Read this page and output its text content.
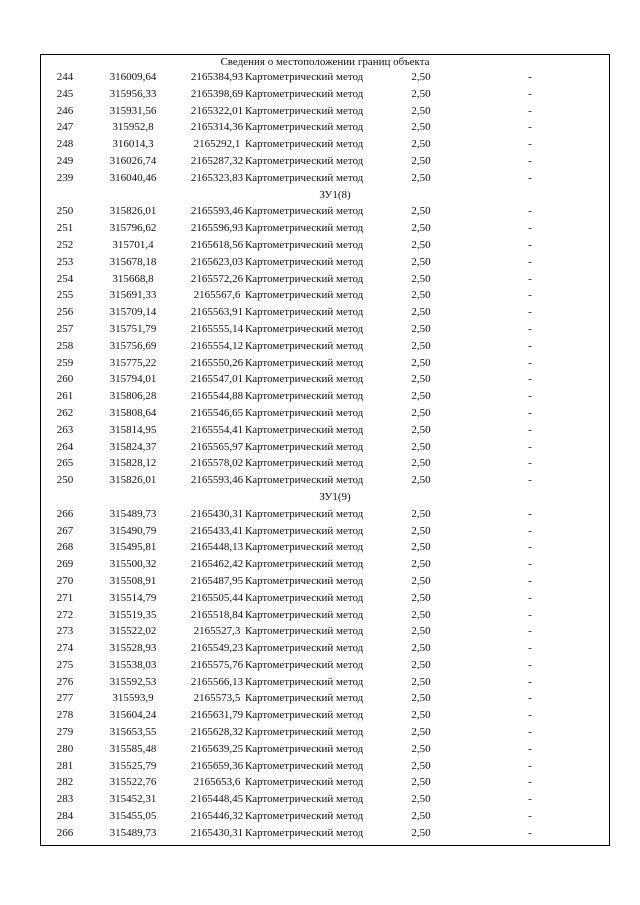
Сведения о местоположении границ объекта
244	316009,64	2165384,93 Картометрический метод	2,50	-
245	315956,33	2165398,69 Картометрический метод	2,50	-
246	315931,56	2165322,01 Картометрический метод	2,50	-
247	315952,8	2165314,36 Картометрический метод	2,50	-
248	316014,3	2165292,1 Картометрический метод	2,50	-
249	316026,74	2165287,32 Картометрический метод	2,50	-
239	316040,46	2165323,83 Картометрический метод	2,50	-
ЗУ1(8)
250	315826,01	2165593,46 Картометрический метод	2,50	-
251	315796,62	2165596,93 Картометрический метод	2,50	-
252	315701,4	2165618,56 Картометрический метод	2,50	-
253	315678,18	2165623,03 Картометрический метод	2,50	-
254	315668,8	2165572,26 Картометрический метод	2,50	-
255	315691,33	2165567,6 Картометрический метод	2,50	-
256	315709,14	2165563,91 Картометрический метод	2,50	-
257	315751,79	2165555,14 Картометрический метод	2,50	-
258	315756,69	2165554,12 Картометрический метод	2,50	-
259	315775,22	2165550,26 Картометрический метод	2,50	-
260	315794,01	2165547,01 Картометрический метод	2,50	-
261	315806,28	2165544,88 Картометрический метод	2,50	-
262	315808,64	2165546,65 Картометрический метод	2,50	-
263	315814,95	2165554,41 Картометрический метод	2,50	-
264	315824,37	2165565,97 Картометрический метод	2,50	-
265	315828,12	2165578,02 Картометрический метод	2,50	-
250	315826,01	2165593,46 Картометрический метод	2,50	-
ЗУ1(9)
266	315489,73	2165430,31 Картометрический метод	2,50	-
267	315490,79	2165433,41 Картометрический метод	2,50	-
268	315495,81	2165448,13 Картометрический метод	2,50	-
269	315500,32	2165462,42 Картометрический метод	2,50	-
270	315508,91	2165487,95 Картометрический метод	2,50	-
271	315514,79	2165505,44 Картометрический метод	2,50	-
272	315519,35	2165518,84 Картометрический метод	2,50	-
273	315522,02	2165527,3 Картометрический метод	2,50	-
274	315528,93	2165549,23 Картометрический метод	2,50	-
275	315538,03	2165575,76 Картометрический метод	2,50	-
276	315592,53	2165566,13 Картометрический метод	2,50	-
277	315593,9	2165573,5 Картометрический метод	2,50	-
278	315604,24	2165631,79 Картометрический метод	2,50	-
279	315653,55	2165628,32 Картометрический метод	2,50	-
280	315585,48	2165639,25 Картометрический метод	2,50	-
281	315525,79	2165659,36 Картометрический метод	2,50	-
282	315522,76	2165653,6 Картометрический метод	2,50	-
283	315452,31	2165448,45 Картометрический метод	2,50	-
284	315455,05	2165446,32 Картометрический метод	2,50	-
266	315489,73	2165430,31 Картометрический метод	2,50	-
